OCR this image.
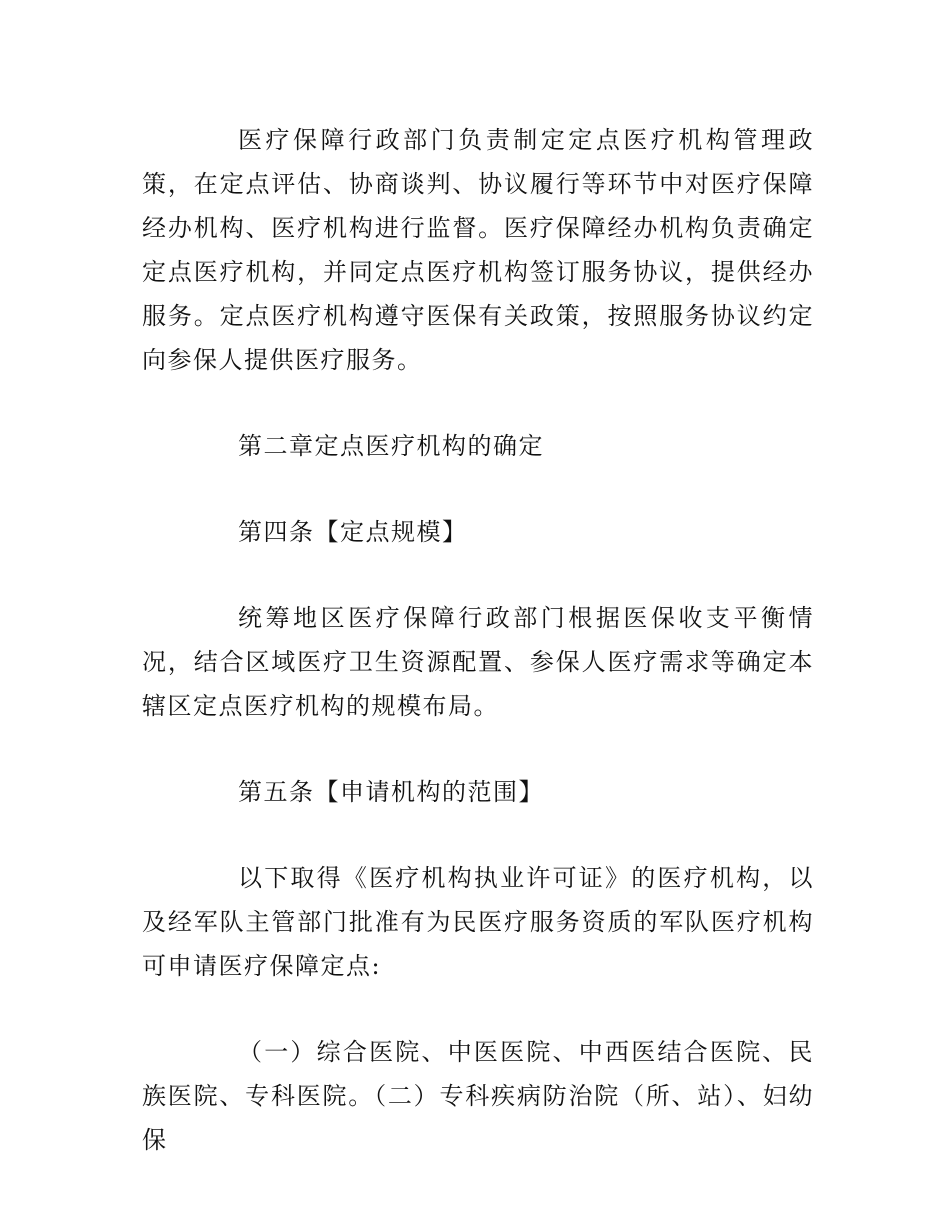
医疗保障行政部门负责制定定点医疗机构管理政策，在定点评估、协商谈判、协议履行等环节中对医疗保障经办机构、医疗机构进行监督。医疗保障经办机构负责确定定点医疗机构，并同定点医疗机构签订服务协议，提供经办服务。定点医疗机构遵守医保有关政策，按照服务协议约定向参保人提供医疗服务。

第二章定点医疗机构的确定

第四条【定点规模】

统筹地区医疗保障行政部门根据医保收支平衡情况，结合区域医疗卫生资源配置、参保人医疗需求等确定本辖区定点医疗机构的规模布局。

第五条【申请机构的范围】

以下取得《医疗机构执业许可证》的医疗机构，以及经军队主管部门批准有为民医疗服务资质的军队医疗机构可申请医疗保障定点:

（一）综合医院、中医医院、中西医结合医院、民族医院、专科医院。（二）专科疾病防治院（所、站）、妇幼保
